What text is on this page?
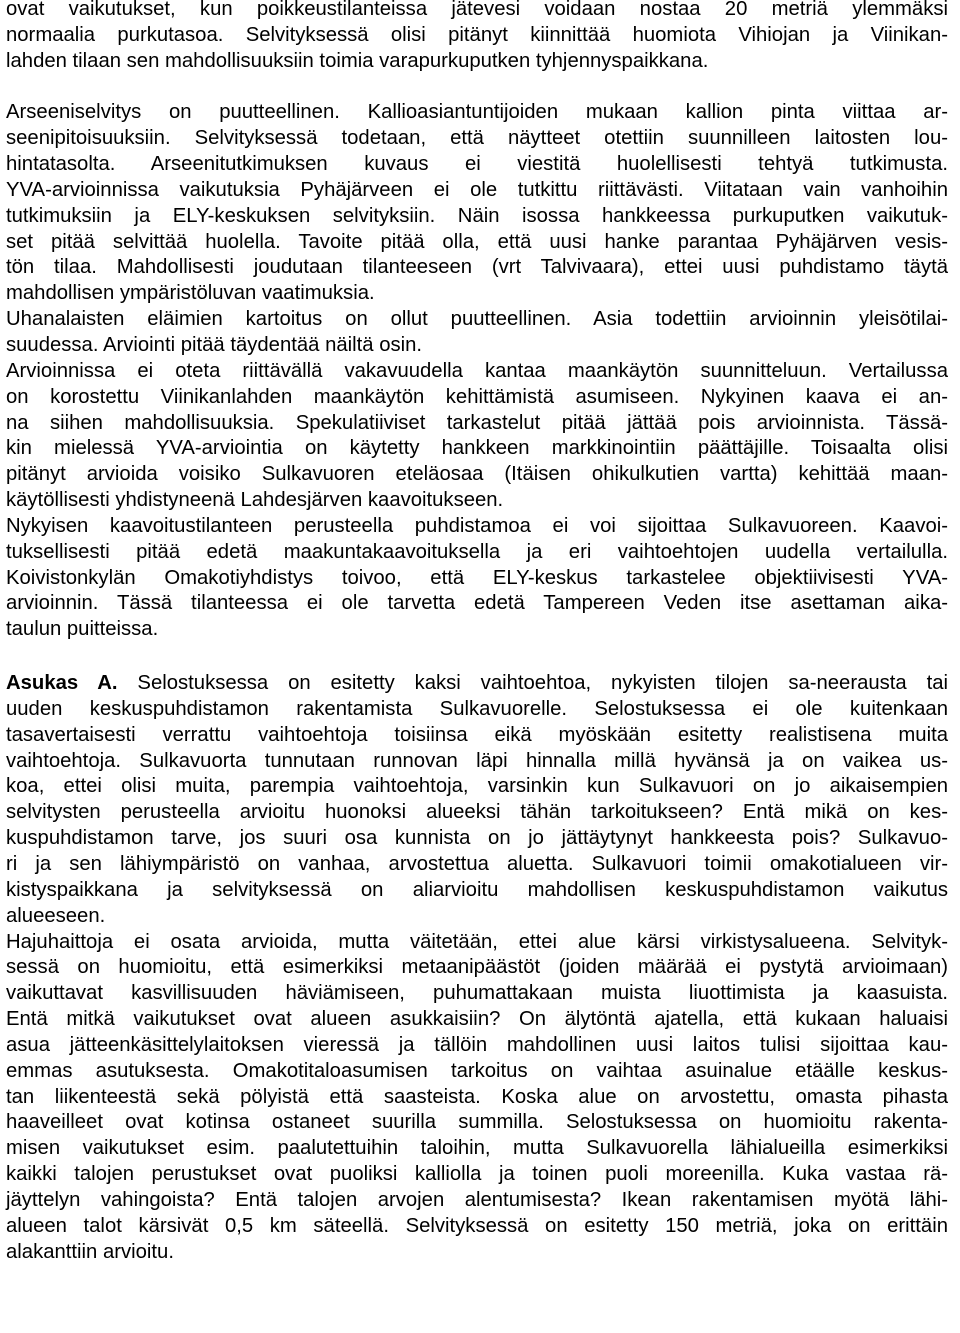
ovat vaikutukset, kun poikkeustilanteissa jätevesi voidaan nostaa 20 metriä ylemmäksi
normaalia purkutasoa. Selvityksessä olisi pitänyt kiinnittää huomiota Vihiojan ja Viinikan-
lahden tilaan sen mahdollisuuksiin toimia varapurkuputken tyhjennyspaikkana.
Arseeniselvitys on puutteellinen. Kallioasiantuntijoiden mukaan kallion pinta viittaa ar-
seenipitoisuuksiin. Selvityksessä todetaan, että näytteet otettiin suunnilleen laitosten lou-
hintatasolta. Arseenitutkimuksen kuvaus ei viestitä huolellisesti tehtyä tutkimusta.
YVA-arvioinnissa vaikutuksia Pyhäjärveen ei ole tutkittu riittävästi. Viitataan vain vanhoihin
tutkimuksiin ja ELY-keskuksen selvityksiin. Näin isossa hankkeessa purkuputken vaikutuk-
set pitää selvittää huolella. Tavoite pitää olla, että uusi hanke parantaa Pyhäjärven vesis-
tön tilaa. Mahdollisesti joudutaan tilanteeseen (vrt Talvivaara), ettei uusi puhdistamo täytä
mahdollisen ympäristöluvan vaatimuksia.
Uhanalaisten eläimien kartoitus on ollut puutteellinen. Asia todettiin arvioinnin yleisötilai-
suudessa. Arviointi pitää täydentää näiltä osin.
Arvioinnissa ei oteta riittävällä vakavuudella kantaa maankäytön suunnitteluun. Vertailussa
on korostettu Viinikanlahden maankäytön kehittämistä asumiseen. Nykyinen kaava ei an-
na siihen mahdollisuuksia. Spekulatiiviset tarkastelut pitää jättää pois arvioinnista. Tässä-
kin mielessä YVA-arviointia on käytetty hankkeen markkinointiin päättäjille. Toisaalta olisi
pitänyt arvioida voisiko Sulkavuoren eteläosaa (Itäisen ohikulkutien vartta) kehittää maan-
käytöllisesti yhdistyneenä Lahdesjärven kaavoitukseen.
Nykyisen kaavoitustilanteen perusteella puhdistamoa ei voi sijoittaa Sulkavuoreen. Kaavoi-
tuksellisesti pitää edetä maakuntakaavoituksella ja eri vaihtoehtojen uudella vertailulla.
Koivistonkylän Omakotiyhdistys toivoo, että ELY-keskus tarkastelee objektiivisesti YVA-
arvioinnin. Tässä tilanteessa ei ole tarvetta edetä Tampereen Veden itse asettaman aika-
taulun puitteissa.
Asukas A. Selostuksessa on esitetty kaksi vaihtoehtoa, nykyisten tilojen sa-neerausta tai
uuden keskuspuhdistamon rakentamista Sulkavuorelle. Selostuksessa ei ole kuitenkaan
tasavertaisesti verrattu vaihtoehtoja toisiinsa eikä myöskään esitetty realistisena muita
vaihtoehtoja. Sulkavuorta tunnutaan runnovan läpi hinnalla millä hyvänsä ja on vaikea us-
koa, ettei olisi muita, parempia vaihtoehtoja, varsinkin kun Sulkavuori on jo aikaisempien
selvitysten perusteella arvioitu huonoksi alueeksi tähän tarkoitukseen? Entä mikä on kes-
kuspuhdistamon tarve, jos suuri osa kunnista on jo jättäytynyt hankkeesta pois? Sulkavuo-
ri ja sen lähiympäristö on vanhaa, arvostettua aluetta. Sulkavuori toimii omakotialueen vir-
kistyspaikkana ja selvityksessä on aliarvioitu mahdollisen keskuspuhdistamon vaikutus
alueeseen.
Hajuhaittoja ei osata arvioida, mutta väitetään, ettei alue kärsi virkistysalueena. Selvityk-
sessä on huomioitu, että esimerkiksi metaanipäästöt (joiden määrää ei pystytä arvioimaan)
vaikuttavat kasvillisuuden häviämiseen, puhumattakaan muista liuottimista ja kaasuista.
Entä mitkä vaikutukset ovat alueen asukkaisiin? On älytöntä ajatella, että kukaan haluaisi
asua jätteenkäsittelylaitoksen vieressä ja tällöin mahdollinen uusi laitos tulisi sijoittaa kau-
emmas asutuksesta. Omakotitaloasumisen tarkoitus on vaihtaa asuinalue etäälle keskus-
tan liikenteestä sekä pölyistä että saasteista. Koska alue on arvostettu, omasta pihasta
haaveilleet ovat kotinsa ostaneet suurilla summilla. Selostuksessa on huomioitu rakenta-
misen vaikutukset esim. paalutettuihin taloihin, mutta Sulkavuorella lähialueilla esimerkiksi
kaikki talojen perustukset ovat puoliksi kalliolla ja toinen puoli moreenilla. Kuka vastaa rä-
jäyttelyn vahingoista? Entä talojen arvojen alentumisesta? Ikean rakentamisen myötä lähi-
alueen talot kärsivät 0,5 km säteellä. Selvityksessä on esitetty 150 metriä, joka on erittäin
alakanttiin arvioitu.
